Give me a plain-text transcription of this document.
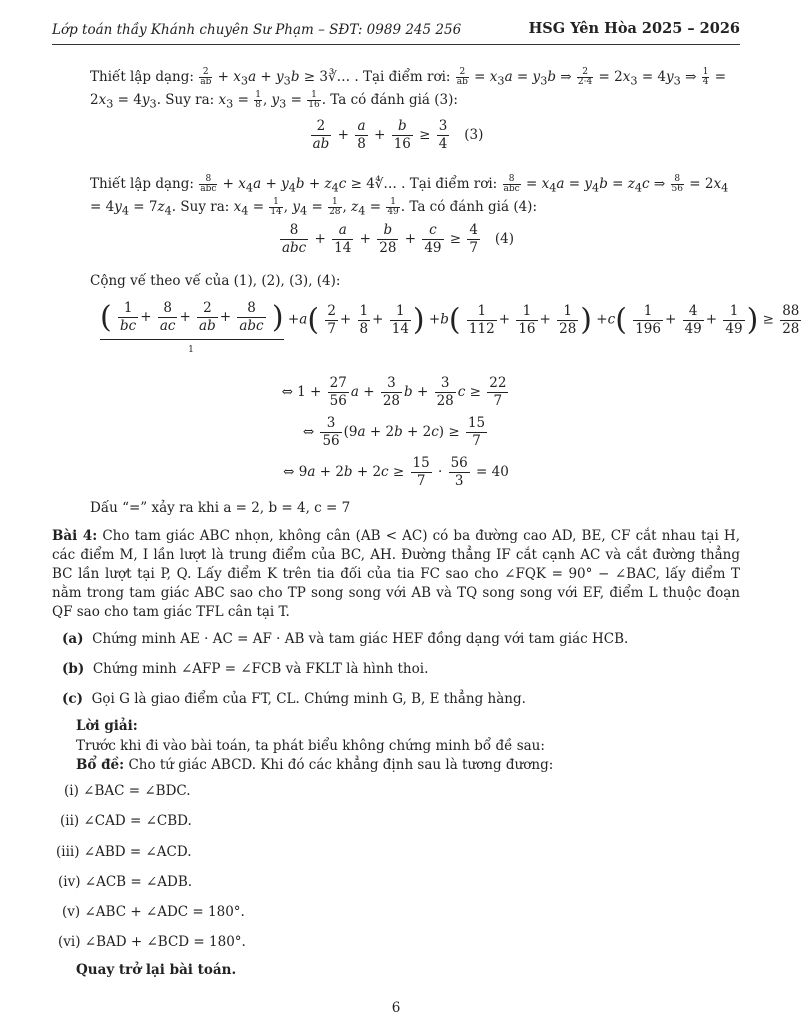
Lớp toán thầy Khánh chuyên Sư Phạm – SĐT: 0989 245 256	HSG Yên Hòa 2025 – 2026
Thiết lập dạng: $\frac{2}{ab} + x_3a + y_3b$ ≥ 3∛… . Tại điểm rơi: $\frac{2}{ab} = x_3a = y_3b$ ⇒ $\frac{2}{2\cdot 4} = 2x_3 = 4y_3$ ⇒ $\frac{1}{4} = 2x_3 = 4y_3$. Suy ra: $x_3 = \frac{1}{8}$ , $y_3 = \frac{1}{16}$ . Ta có đánh giá (3):
$\frac{2}{ab} + \frac{a}{8} + \frac{b}{16} \ge \frac{3}{4} (3)$
Thiết lập dạng:	8
abc + $x_4a + y_4b + z_4c$ ≥ 4∜… . Tại điểm rơi:	8
abc = $x_4a = y_4b = z_4c$ ⇒ $\frac{8}{56} = 2x_4 = 4y_4 = 7z_4$. Suy ra: $x_4 = \frac{1}{14}$ , $y_4 = \frac{1}{28}$ , $z_4 = \frac{1}{49}$ . Ta có đánh giá (4):
$\frac{8}{\text{abc}} + \frac{a}{14} + \frac{b}{28} + \frac{c}{49} \ge \frac{4}{7} (4)$
Cộng vế theo vế của (1), (2), (3), (4):
( $\frac{1}{bc} + \frac{8}{ac} + \frac{2}{ab} + \frac{8}{\text{abc}}$ )
1
$+a( \frac{2}{7} + \frac{1}{8} + \frac{1}{14}$ ) $+b( \frac{1}{112} + \frac{1}{16} + \frac{1}{28}$ ) $+c( \frac{1}{196} + \frac{4}{49} + \frac{1}{49}$ ) ≥ $\frac{88}{28}$
⇔ $1 + \frac{27}{56}$ $a + \frac{3}{28}$ $b + \frac{3}{28}$ $c \ge \frac{22}{7}$
⇔ $\frac{3}{56} (9a + 2b + 2c) \ge \frac{15}{7}$
⇔ $9a + 2b + 2c \ge \frac{15}{7} \cdot \frac{56}{3} = 40$
Dấu “=” xảy ra khi a = 2, b = 4, c = 7
Bài 4: Cho tam giác ABC nhọn, không cân (AB < AC) có ba đường cao AD, BE, CF cắt nhau tại H, các điểm M, I lần lượt là trung điểm của BC, AH. Đường thẳng IF cắt cạnh AC và cắt đường thẳng BC lần lượt tại P, Q. Lấy điểm K trên tia đối của tia FC sao cho ∠FQK = 90° − ∠BAC, lấy điểm T nằm trong tam giác ABC sao cho TP song song với AB và TQ song song với EF, điểm L thuộc đoạn QF sao cho tam giác TFL cân tại T.
(a) Chứng minh AE · AC = AF · AB và tam giác HEF đồng dạng với tam giác HCB.
(b) Chứng minh ∠AFP = ∠FCB và FKLT là hình thoi.
(c) Gọi G là giao điểm của FT, CL. Chứng minh G, B, E thẳng hàng.
Lời giải:
Trước khi đi vào bài toán, ta phát biểu không chứng minh bổ đề sau:
Bổ đề: Cho tứ giác ABCD. Khi đó các khẳng định sau là tương đương:
(i) ∠BAC = ∠BDC.
(ii) ∠CAD = ∠CBD.
(iii) ∠ABD = ∠ACD.
(iv) ∠ACB = ∠ADB.
(v) ∠ABC + ∠ADC = 180°.
(vi) ∠BAD + ∠BCD = 180°.
Quay trở lại bài toán.
6
